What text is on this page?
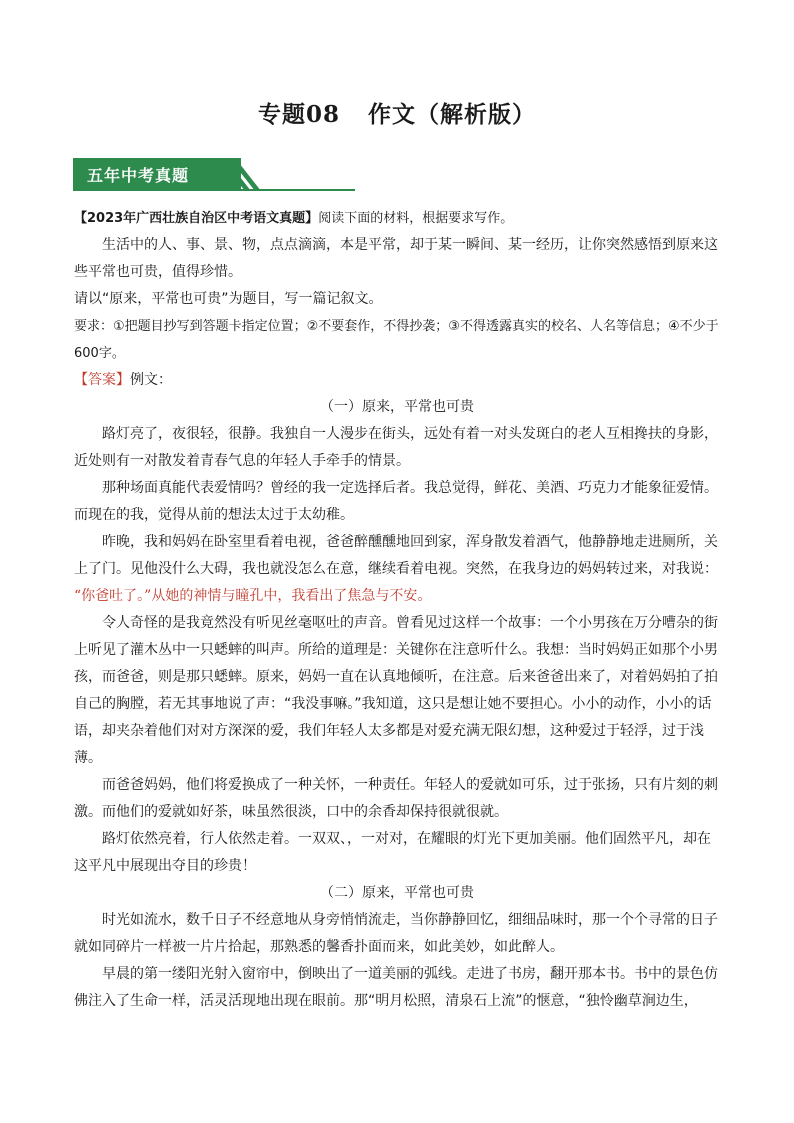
专题08 作文（解析版）
五年中考真题

【2023年广西壮族自治区中考语文真题】阅读下面的材料，根据要求写作。

生活中的人、事、景、物，点点滴滴，本是平常，却于某一瞬间、某一经历，让你突然感悟到原来这些平常也可贵，值得珍惜。

请以“原来，平常也可贵”为题目，写一篇记叙文。

要求：①把题目抄写到答题卡指定位置；②不要套作，不得抄袭；③不得透露真实的校名、人名等信息；④不少于600字。

【答案】例文：

（一）原来，平常也可贵

路灯亮了，夜很轻，很静。我独自一人漫步在街头，远处有着一对头发斑白的老人互相搀扶的身影，近处则有一对散发着青春气息的年轻人手牵手的情景。

那种场面真能代表爱情吗？曾经的我一定选择后者。我总觉得，鲜花、美酒、巧克力才能象征爱情。而现在的我，觉得从前的想法太过于太幼稚。

昨晚，我和妈妈在卧室里看着电视，爸爸醉醺醺地回到家，浑身散发着酒气，他静静地走进厕所，关上了门。见他没什么大碍，我也就没怎么在意，继续看着电视。突然，在我身边的妈妈转过来，对我说：

“你爸吐了。”从她的神情与瞳孔中，我看出了焦急与不安。

令人奇怪的是我竟然没有听见丝毫呕吐的声音。曾看见过这样一个故事：一个小男孩在万分嘈杂的街上听见了灌木丛中一只蟋蟀的叫声。所给的道理是：关键你在注意听什么。我想：当时妈妈正如那个小男孩，而爸爸，则是那只蟋蟀。原来，妈妈一直在认真地倾听，在注意。后来爸爸出来了，对着妈妈拍了拍自己的胸膛，若无其事地说了声：“我没事嘛。”我知道，这只是想让她不要担心。小小的动作，小小的话语，却夹杂着他们对对方深深的爱，我们年轻人太多都是对爱充满无限幻想，这种爱过于轻浮，过于浅薄。

而爸爸妈妈，他们将爱换成了一种关怀，一种责任。年轻人的爱就如可乐，过于张扬，只有片刻的刺激。而他们的爱就如好茶，味虽然很淡，口中的余香却保持很就很就。

路灯依然亮着，行人依然走着。一双双、，一对对，在耀眼的灯光下更加美丽。他们固然平凡，却在这平凡中展现出夺目的珍贵！

（二）原来，平常也可贵

时光如流水，数千日子不经意地从身旁悄悄流走，当你静静回忆，细细品味时，那一个个寻常的日子就如同碎片一样被一片片拾起，那熟悉的馨香扑面而来，如此美妙，如此醉人。

早晨的第一缕阳光射入窗帘中，倒映出了一道美丽的弧线。走进了书房，翻开那本书。书中的景色仿佛注入了生命一样，活灵活现地出现在眼前。那“明月松照，清泉石上流”的惬意，“独怜幽草涧边生，
